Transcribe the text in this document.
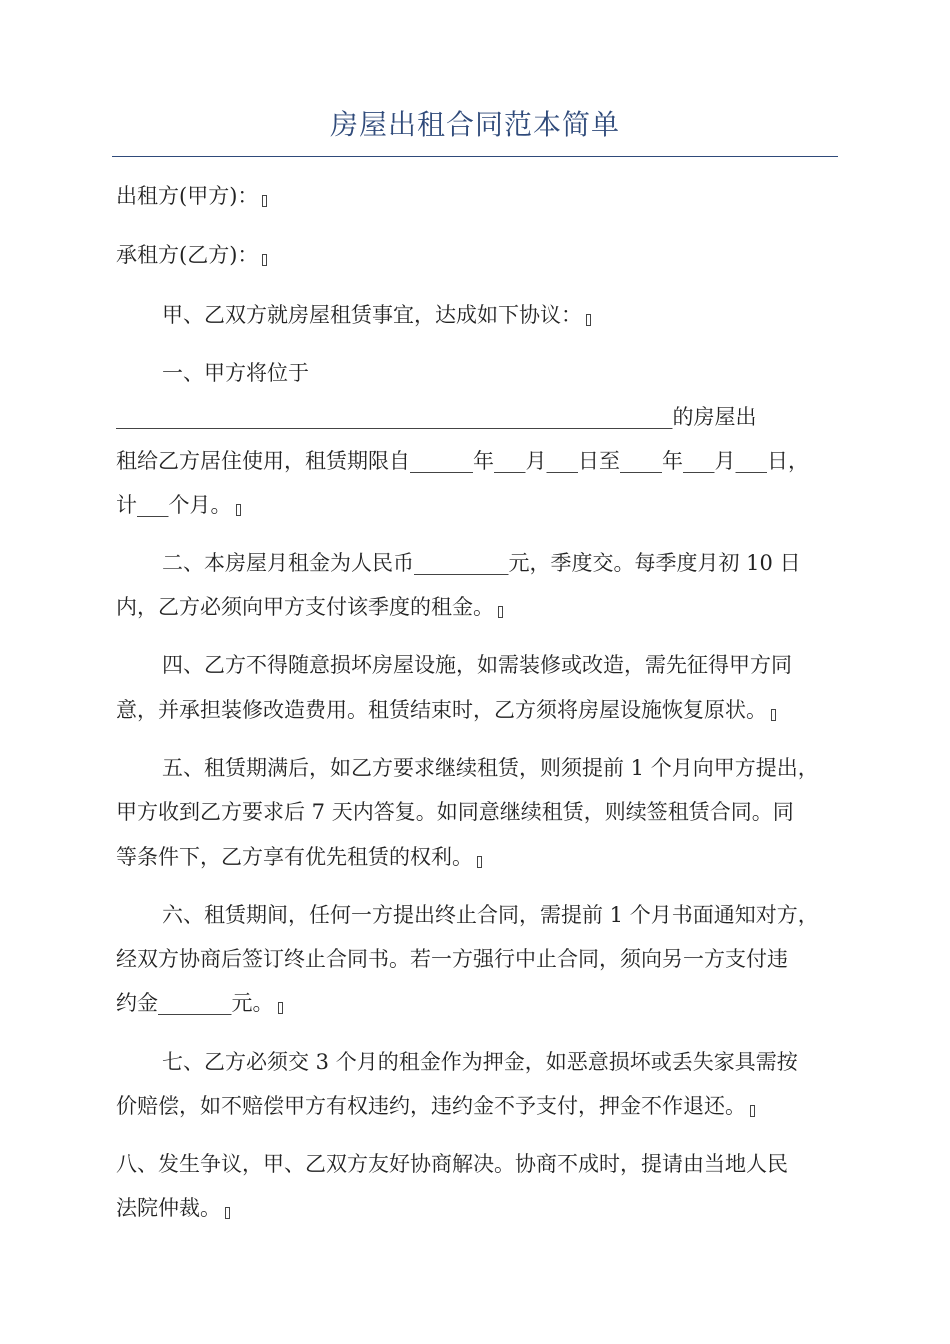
房屋出租合同范本简单
出租方(甲方)：
承租方(乙方)：
甲、乙双方就房屋租赁事宜，达成如下协议：
一、甲方将位于
_____________________________________________________的房屋出
租给乙方居住使用，租赁期限自______年___月___日至____年___月___日，
计___个月。
二、本房屋月租金为人民币_________元，季度交。每季度月初 10 日
内，乙方必须向甲方支付该季度的租金。
四、乙方不得随意损坏房屋设施，如需装修或改造，需先征得甲方同
意，并承担装修改造费用。租赁结束时，乙方须将房屋设施恢复原状。
五、租赁期满后，如乙方要求继续租赁，则须提前 1 个月向甲方提出，
甲方收到乙方要求后 7 天内答复。如同意继续租赁，则续签租赁合同。同
等条件下，乙方享有优先租赁的权利。
六、租赁期间，任何一方提出终止合同，需提前 1 个月书面通知对方，
经双方协商后签订终止合同书。若一方强行中止合同，须向另一方支付违
约金_______元。
七、乙方必须交 3 个月的租金作为押金，如恶意损坏或丢失家具需按
价赔偿，如不赔偿甲方有权违约，违约金不予支付，押金不作退还。
八、发生争议，甲、乙双方友好协商解决。协商不成时，提请由当地人民
法院仲裁。
